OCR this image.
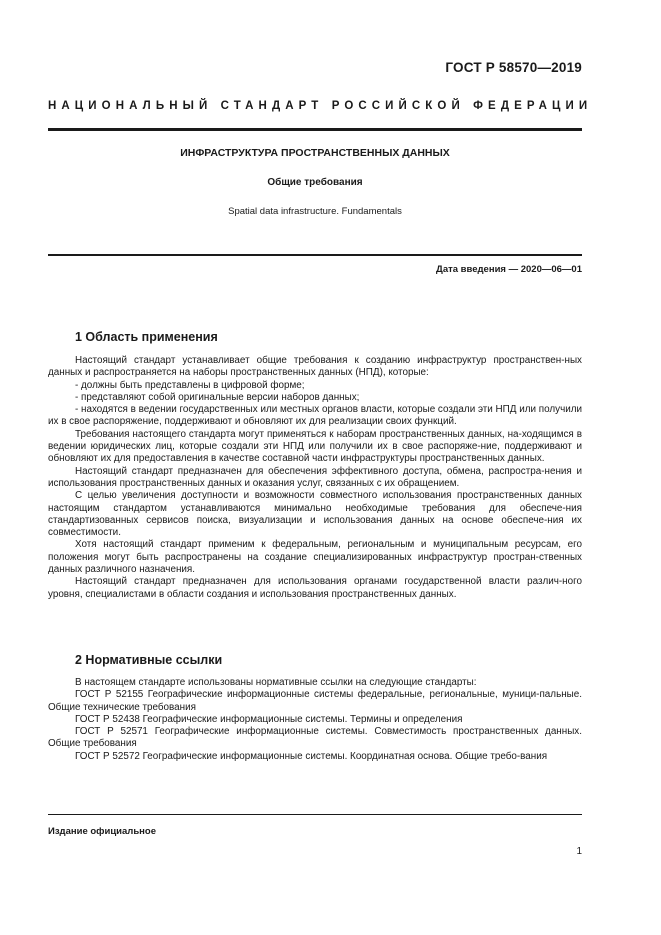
ГОСТ Р 58570—2019
НАЦИОНАЛЬНЫЙ СТАНДАРТ РОССИЙСКОЙ ФЕДЕРАЦИИ
ИНФРАСТРУКТУРА ПРОСТРАНСТВЕННЫХ ДАННЫХ
Общие требования
Spatial data infrastructure. Fundamentals
Дата введения — 2020—06—01
1 Область применения

Настоящий стандарт устанавливает общие требования к созданию инфраструктур пространствен-ных данных и распространяется на наборы пространственных данных (НПД), которые:

- должны быть представлены в цифровой форме;

- представляют собой оригинальные версии наборов данных;

- находятся в ведении государственных или местных органов власти, которые создали эти НПД или получили их в свое распоряжение, поддерживают и обновляют их для реализации своих функций.

Требования настоящего стандарта могут применяться к наборам пространственных данных, на-ходящимся в ведении юридических лиц, которые создали эти НПД или получили их в свое распоряже-ние, поддерживают и обновляют их для предоставления в качестве составной части инфраструктуры пространственных данных.

Настоящий стандарт предназначен для обеспечения эффективного доступа, обмена, распростра-нения и использования пространственных данных и оказания услуг, связанных с их обращением.

С целью увеличения доступности и возможности совместного использования пространственных данных настоящим стандартом устанавливаются минимально необходимые требования для обеспече-ния стандартизованных сервисов поиска, визуализации и использования данных на основе обеспече-ния их совместимости.

Хотя настоящий стандарт применим к федеральным, региональным и муниципальным ресурсам, его положения могут быть распространены на создание специализированных инфраструктур простран-ственных данных различного назначения.

Настоящий стандарт предназначен для использования органами государственной власти различ-ного уровня, специалистами в области создания и использования пространственных данных.

2 Нормативные ссылки

В настоящем стандарте использованы нормативные ссылки на следующие стандарты:

ГОСТ Р 52155 Географические информационные системы федеральные, региональные, муници-пальные. Общие технические требования

ГОСТ Р 52438 Географические информационные системы. Термины и определения

ГОСТ Р 52571 Географические информационные системы. Совместимость пространственных данных. Общие требования

ГОСТ Р 52572 Географические информационные системы. Координатная основа. Общие требо-вания

Издание официальное
1
